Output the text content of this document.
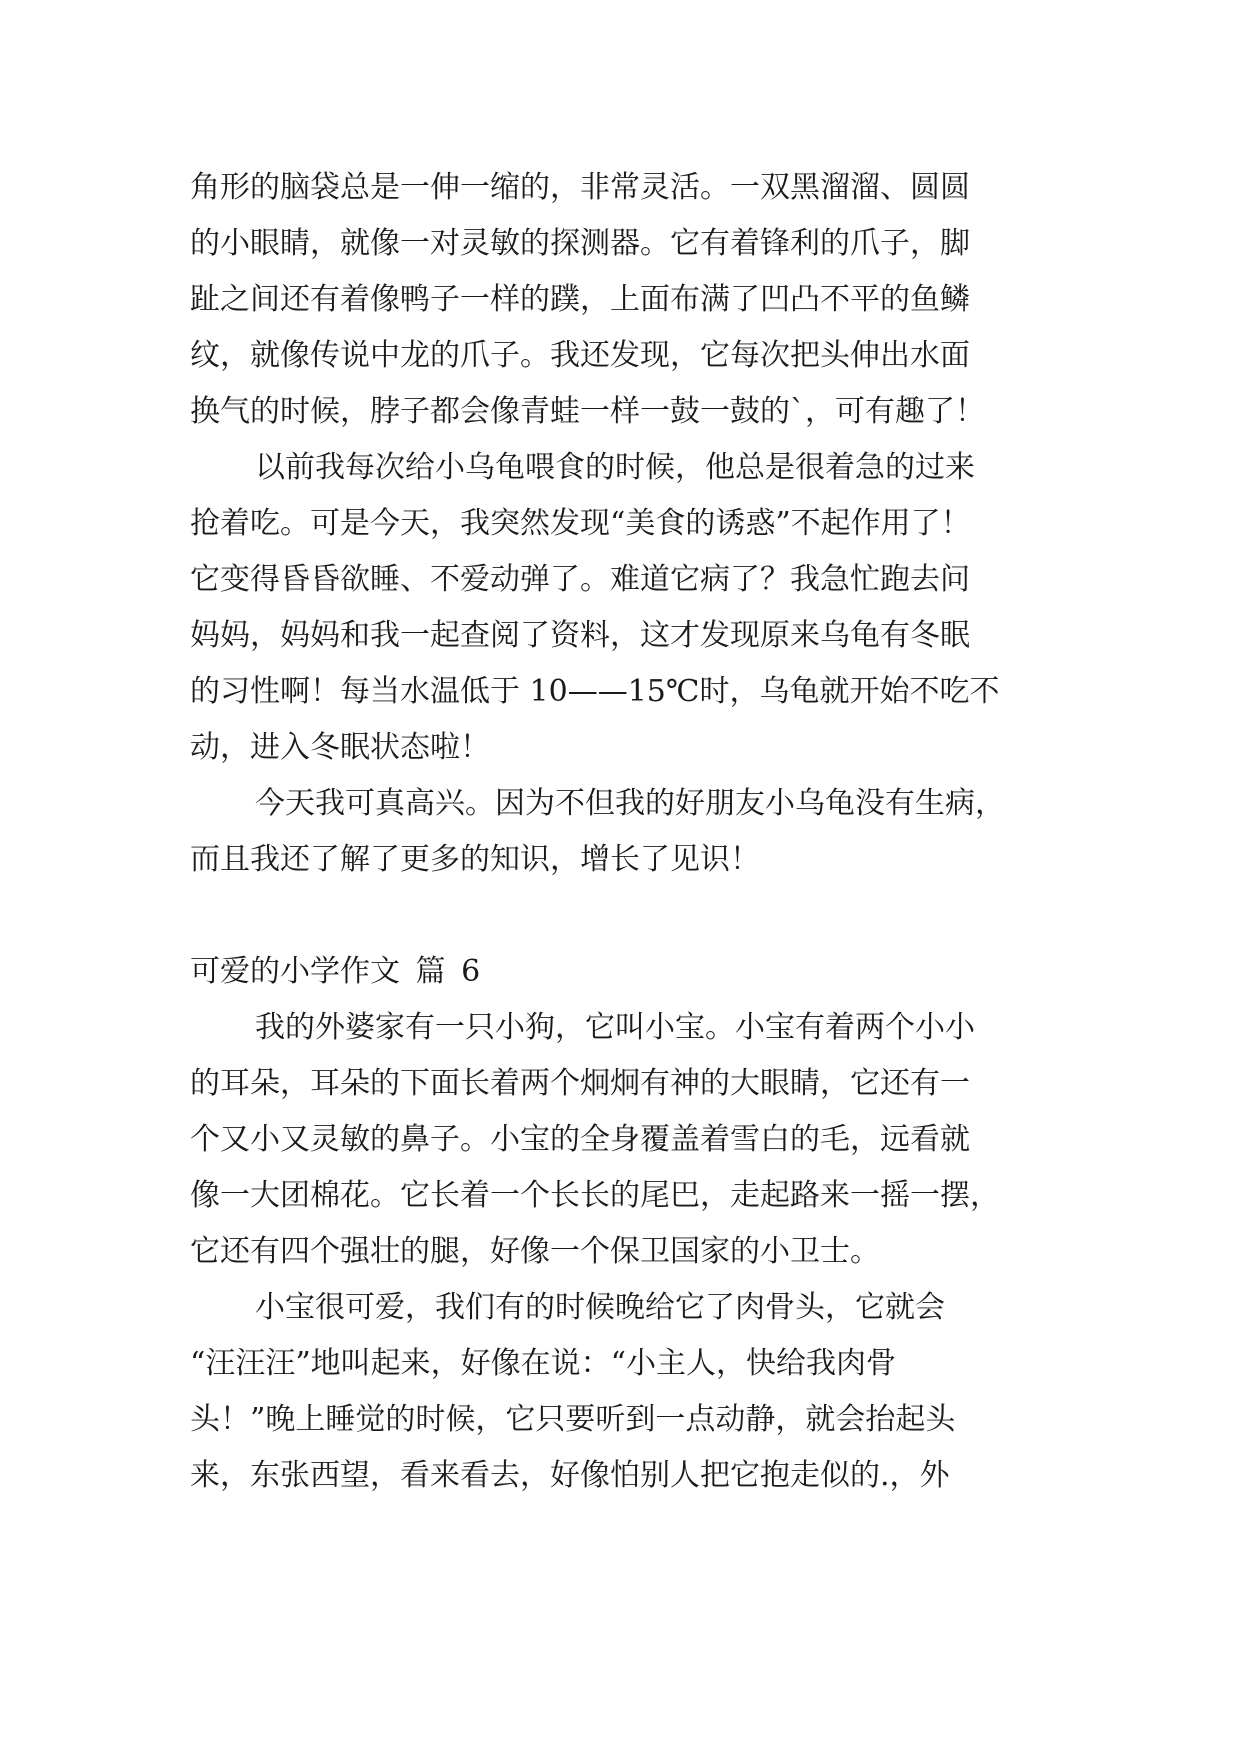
角形的脑袋总是一伸一缩的，非常灵活。一双黑溜溜、圆圆
的小眼睛，就像一对灵敏的探测器。它有着锋利的爪子，脚
趾之间还有着像鸭子一样的蹼，上面布满了凹凸不平的鱼鳞
纹，就像传说中龙的爪子。我还发现，它每次把头伸出水面
换气的时候，脖子都会像青蛙一样一鼓一鼓的`，可有趣了！
以前我每次给小乌龟喂食的时候，他总是很着急的过来
抢着吃。可是今天，我突然发现“美食的诱惑”不起作用了！
它变得昏昏欲睡、不爱动弹了。难道它病了？我急忙跑去问
妈妈，妈妈和我一起查阅了资料，这才发现原来乌龟有冬眠
的习性啊！每当水温低于 10——15℃时，乌龟就开始不吃不
动，进入冬眠状态啦！
今天我可真高兴。因为不但我的好朋友小乌龟没有生病，
而且我还了解了更多的知识，增长了见识！
可爱的小学作文 篇 6
我的外婆家有一只小狗，它叫小宝。小宝有着两个小小
的耳朵，耳朵的下面长着两个炯炯有神的大眼睛，它还有一
个又小又灵敏的鼻子。小宝的全身覆盖着雪白的毛，远看就
像一大团棉花。它长着一个长长的尾巴，走起路来一摇一摆，
它还有四个强壮的腿，好像一个保卫国家的小卫士。
小宝很可爱，我们有的时候晚给它了肉骨头，它就会
“汪汪汪”地叫起来，好像在说：“小主人，快给我肉骨
头！”晚上睡觉的时候，它只要听到一点动静，就会抬起头
来，东张西望，看来看去，好像怕别人把它抱走似的.，外
